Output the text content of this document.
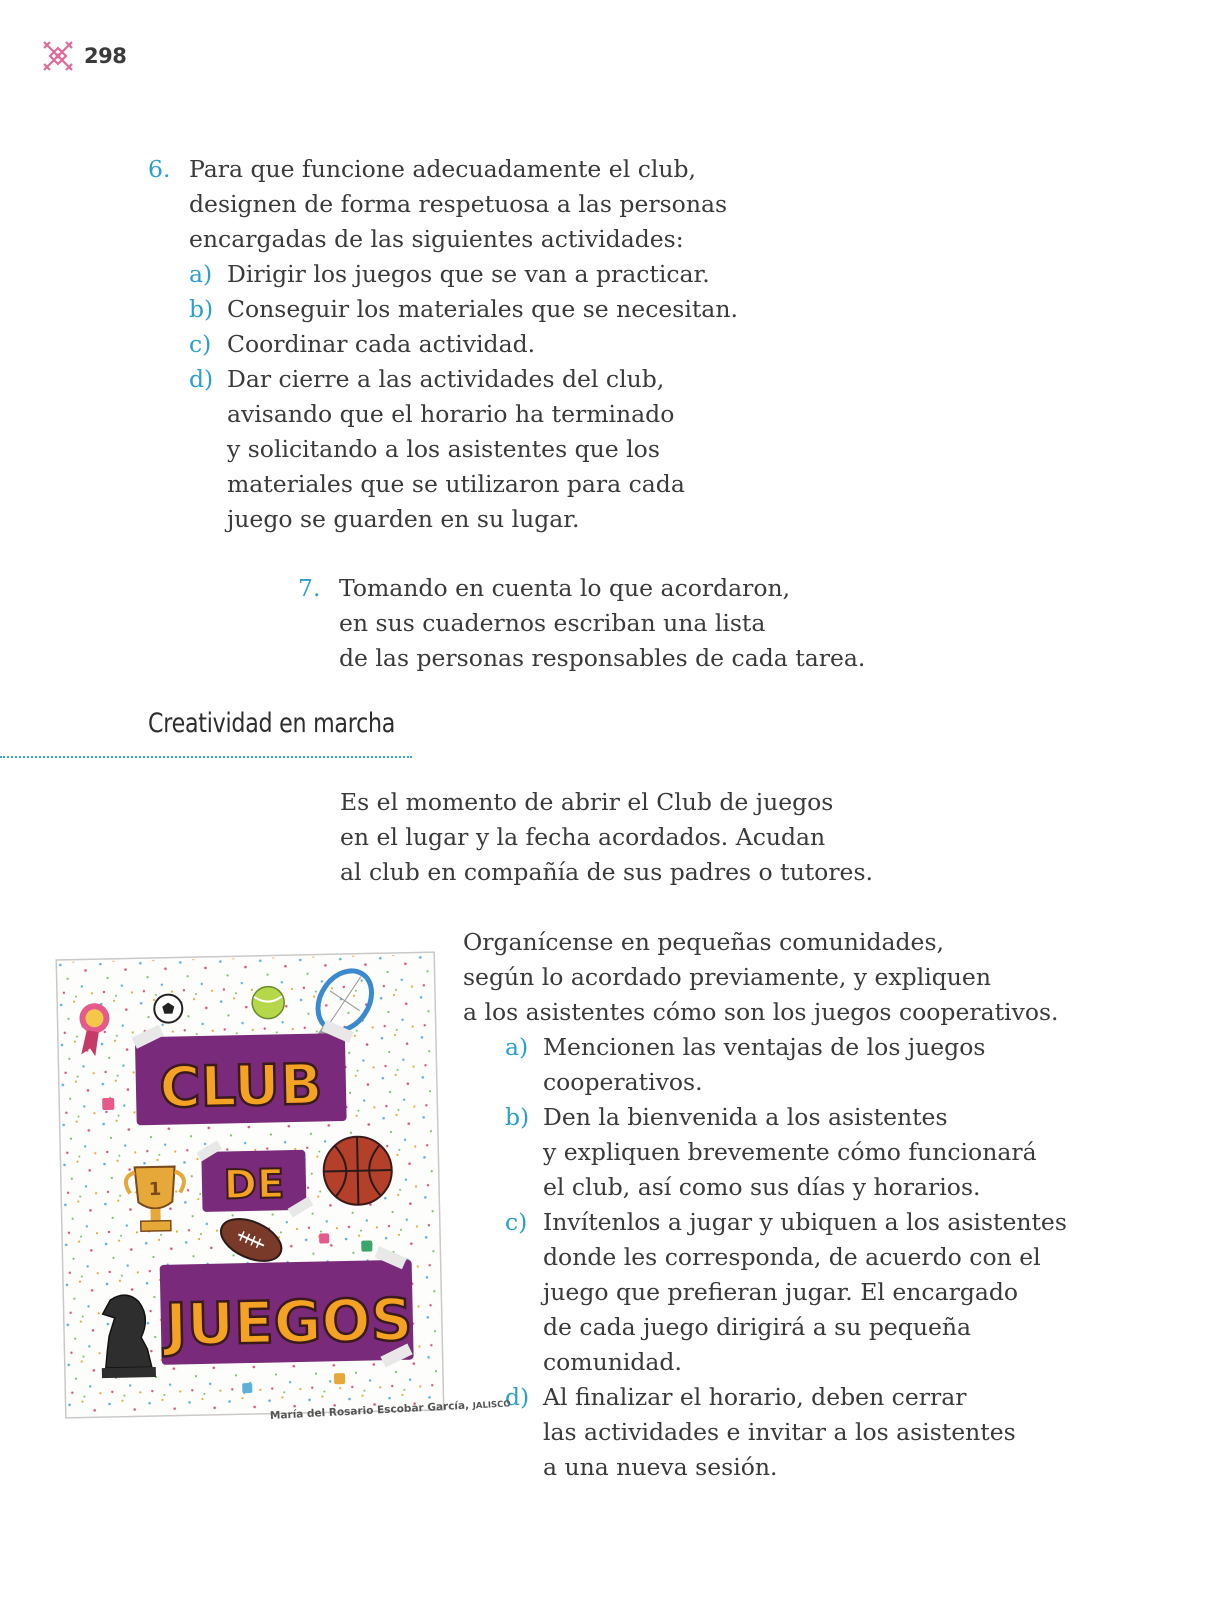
298
6. Para que funcione adecuadamente el club,
designen de forma respetuosa a las personas
encargadas de las siguientes actividades:
a) Dirigir los juegos que se van a practicar.
b) Conseguir los materiales que se necesitan.
c) Coordinar cada actividad.
d) Dar cierre a las actividades del club,
avisando que el horario ha terminado
y solicitando a los asistentes que los
materiales que se utilizaron para cada
juego se guarden en su lugar.
7. Tomando en cuenta lo que acordaron,
en sus cuadernos escriban una lista
de las personas responsables de cada tarea.
Creatividad en marcha
Es el momento de abrir el Club de juegos
en el lugar y la fecha acordados. Acudan
al club en compañía de sus padres o tutores.
Organícense en pequeñas comunidades,
según lo acordado previamente, y expliquen
a los asistentes cómo son los juegos cooperativos.
a) Mencionen las ventajas de los juegos
cooperativos.
b) Den la bienvenida a los asistentes
y expliquen brevemente cómo funcionará
el club, así como sus días y horarios.
c) Invítenlos a jugar y ubiquen a los asistentes
donde les corresponda, de acuerdo con el
juego que prefieran jugar. El encargado
de cada juego dirigirá a su pequeña
comunidad.
d) Al finalizar el horario, deben cerrar
las actividades e invitar a los asistentes
a una nueva sesión.
CLUB
1 DE
JUEGOS
María del Rosario Escobar García, JALISCO
